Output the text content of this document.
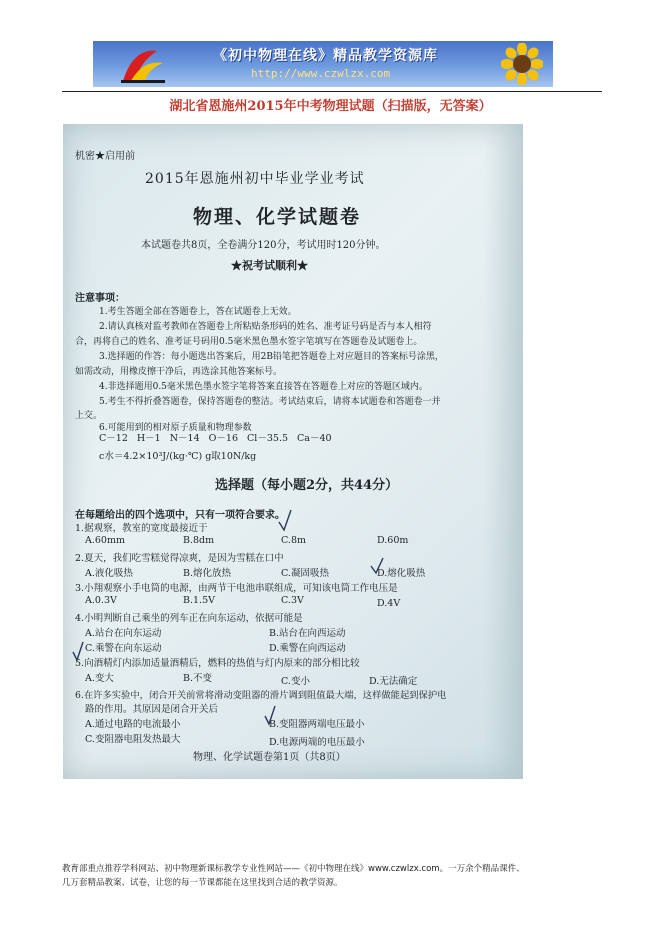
《初中物理在线》精品教学资源库
http://www.czwlzx.com
湖北省恩施州2015年中考物理试题（扫描版，无答案）
机密★启用前
2015年恩施州初中毕业学业考试
物理、化学试题卷
本试题卷共8页，全卷满分120分，考试用时120分钟。
★祝考试顺利★
注意事项：
1.考生答题全部在答题卷上，答在试题卷上无效。
2.请认真核对监考教师在答题卷上所粘贴条形码的姓名、准考证号码是否与本人相符
合，再将自己的姓名、准考证号码用0.5毫米黑色墨水签字笔填写在答题卷及试题卷上。
3.选择题的作答：每小题选出答案后，用2B铅笔把答题卷上对应题目的答案标号涂黑，
如需改动，用橡皮擦干净后，再选涂其他答案标号。
4.非选择题用0.5毫米黑色墨水签字笔将答案直接答在答题卷上对应的答题区域内。
5.考生不得折叠答题卷，保持答题卷的整洁。考试结束后，请将本试题卷和答题卷一并
上交。
6.可能用到的相对原子质量和物理参数
C－12 H－1 N－14 O－16 Cl－35.5 Ca－40
c水＝4.2×10³J/(kg·℃) g取10N/kg
选择题（每小题2分，共44分）
在每题给出的四个选项中，只有一项符合要求。
1.据观察，教室的宽度最接近于
A.60mm	B.8dm	C.8m	D.60m
2.夏天，我们吃雪糕觉得凉爽，是因为雪糕在口中
A.液化吸热	B.熔化放热	C.凝固吸热	D.熔化吸热
3.小翔观察小手电筒的电源，由两节干电池串联组成，可知该电筒工作电压是
A.0.3V	B.1.5V	C.3V	D.4V
4.小明判断自己乘坐的列车正在向东运动，依据可能是
A.站台在向东运动	B.站台在向西运动
C.乘警在向东运动	D.乘警在向西运动
5.向酒精灯内添加适量酒精后，燃料的热值与灯内原来的部分相比较
A.变大	B.不变	C.变小	D.无法确定
6.在许多实验中，闭合开关前常将滑动变阻器的滑片调到阻值最大端，这样做能起到保护电
路的作用。其原因是闭合开关后
A.通过电路的电流最小	B.变阻器两端电压最小
C.变阻器电阻发热最大	D.电源两端的电压最小
物理、化学试题卷第1页（共8页）
教育部重点推荐学科网站、初中物理新课标教学专业性网站——《初中物理在线》www.czwlzx.com。一万余个精品课件、
几万套精品教案、试卷，让您的每一节课都能在这里找到合适的教学资源。
